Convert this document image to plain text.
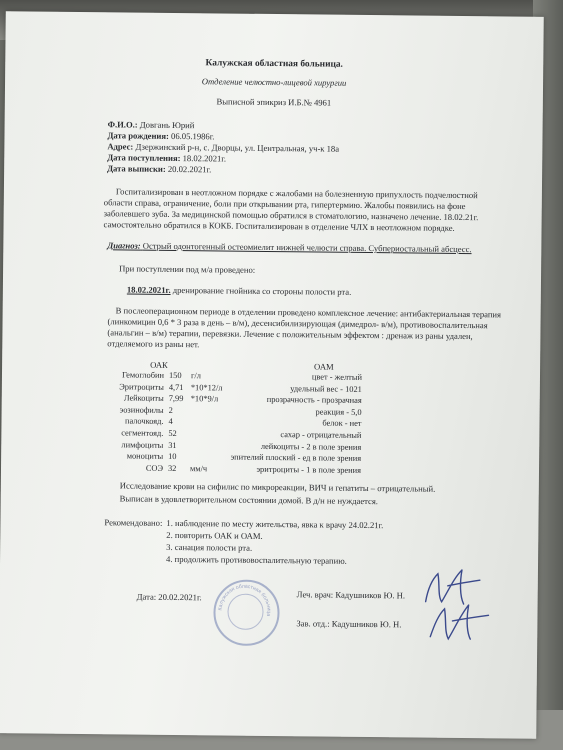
Калужская областная больница.
Отделение челюстно-лицевой хирургии
Выписной эпикриз И.Б.№ 4961
Ф.И.О.: Довгань Юрий
Дата рождения: 06.05.1986г.
Адрес: Дзержинский р-н, с. Дворцы, ул. Центральная, уч-к 18а
Дата поступления: 18.02.2021г.
Дата выписки: 20.02.2021г.
Госпитализирован в неотложном порядке с жалобами на болезненную припухлость подчелюстной
области справа, ограничение, боли при открывании рта, гипертермию. Жалобы появились на фоне
заболевшего зуба. За медицинской помощью обратился в стоматологию, назначено лечение. 18.02.21г.
самостоятельно обратился в КОКБ. Госпитализирован в отделение ЧЛХ в неотложном порядке.
Диагноз: Острый одонтогенный остеомиелит нижней челюсти справа. Субпериостальный абсцесс.
При поступлении под м/а проведено:
18.02.2021г. дренирование гнойника со стороны полости рта.
В послеоперационном периоде в отделении проведено комплексное лечение: антибактериальная терапия
(линкомицин 0,6 * 3 раза в день – в/м), десенсибилизирующая (димедрол- в/м), противовоспалительная
(анальгин – в/м) терапии, перевязки. Лечение с положительным эффектом : дренаж из раны удален,
отделяемого из раны нет.
ОАК	ОАМ
Гемоглобин 150 г/л
Эритроциты 4,71 *10*12/л
Лейкоциты 7,99 *10*9/л
эозинофилы 2
палочкояд. 4
сегментояд. 52
лимфоциты 31
моноциты 10
СОЭ 32 мм/ч
цвет - желтый
удельный вес - 1021
прозрачность - прозрачная
реакция - 5,0
белок - нет
сахар - отрицательный
лейкоциты - 2 в поле зрения
эпителий плоский - ед в поле зрения
эритроциты - 1 в поле зрения
Исследование крови на сифилис по микрореакции, ВИЧ и гепатиты – отрицательный.
Выписан в удовлетворительном состоянии домой. В д/н не нуждается.
Рекомендовано: 1. наблюдение по месту жительства, явка к врачу 24.02.21г.
2. повторить ОАК и ОАМ.
3. санация полости рта.
4. продолжить противовоспалительную терапию.
Дата: 20.02.2021г.	Леч. врач: Кадушников Ю. Н.
Зав. отд.: Кадушников Ю. Н.
Калужская областная больница
